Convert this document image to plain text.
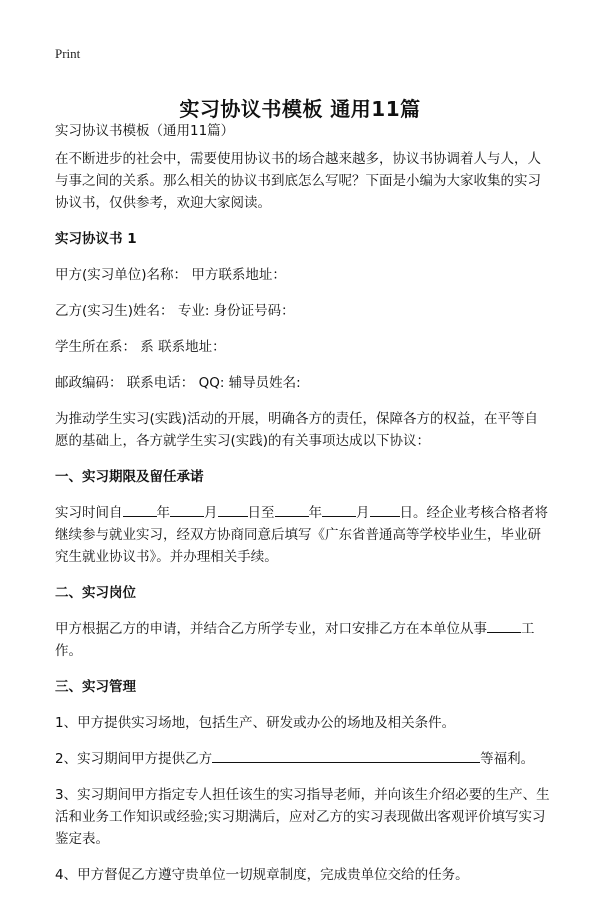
Print
实习协议书模板 通用11篇

实习协议书模板（通用11篇）

在不断进步的社会中，需要使用协议书的场合越来越多，协议书协调着人与人，人与事之间的关系。那么相关的协议书到底怎么写呢？下面是小编为大家收集的实习协议书，仅供参考，欢迎大家阅读。

实习协议书 1

甲方(实习单位)名称： 甲方联系地址：

乙方(实习生)姓名： 专业: 身份证号码：

学生所在系： 系 联系地址：

邮政编码： 联系电话： QQ: 辅导员姓名:

为推动学生实习(实践)活动的开展，明确各方的责任，保障各方的权益，在平等自愿的基础上，各方就学生实习(实践)的有关事项达成以下协议：

一、实习期限及留任承诺

实习时间自	年	月 日至	年	月 日。经企业考核合格者将继续参与就业实习，经双方协商同意后填写《广东省普通高等学校毕业生，毕业研究生就业协议书》。并办理相关手续。

二、实习岗位

甲方根据乙方的申请，并结合乙方所学专业，对口安排乙方在本单位从事	工作。

三、实习管理

1、甲方提供实习场地，包括生产、研发或办公的场地及相关条件。

2、实习期间甲方提供乙方	等福利。

3、实习期间甲方指定专人担任该生的实习指导老师，并向该生介绍必要的生产、生活和业务工作知识或经验;实习期满后，应对乙方的实习表现做出客观评价填写实习鉴定表。

4、甲方督促乙方遵守贵单位一切规章制度，完成贵单位交给的任务。
